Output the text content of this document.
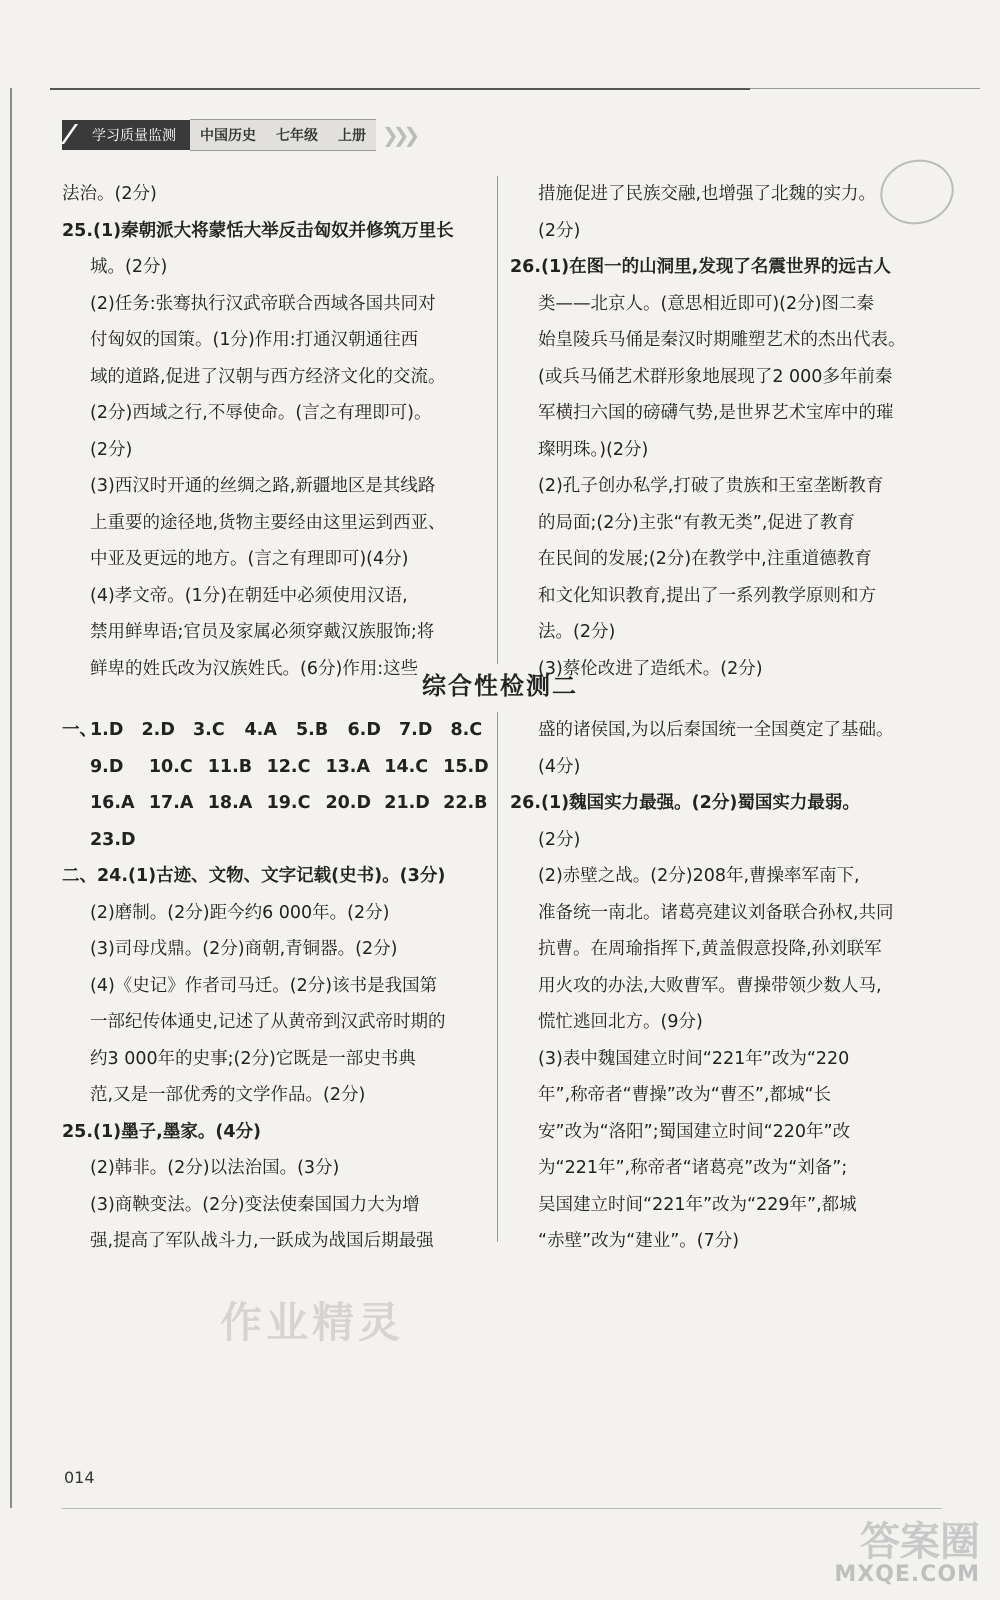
学习质量监测	中国历史 七年级 上册 ❯❯❯

法治。(2分)

25.(1)秦朝派大将蒙恬大举反击匈奴并修筑万里长

城。(2分)

(2)任务:张骞执行汉武帝联合西域各国共同对

付匈奴的国策。(1分)作用:打通汉朝通往西

域的道路,促进了汉朝与西方经济文化的交流。

(2分)西域之行,不辱使命。(言之有理即可)。

(2分)

(3)西汉时开通的丝绸之路,新疆地区是其线路

上重要的途径地,货物主要经由这里运到西亚、

中亚及更远的地方。(言之有理即可)(4分)

(4)孝文帝。(1分)在朝廷中必须使用汉语,

禁用鲜卑语;官员及家属必须穿戴汉族服饰;将

鲜卑的姓氏改为汉族姓氏。(6分)作用:这些

措施促进了民族交融,也增强了北魏的实力。

(2分)

26.(1)在图一的山洞里,发现了名震世界的远古人

类——北京人。(意思相近即可)(2分)图二秦

始皇陵兵马俑是秦汉时期雕塑艺术的杰出代表。

(或兵马俑艺术群形象地展现了2 000多年前秦

军横扫六国的磅礴气势,是世界艺术宝库中的璀

璨明珠。)(2分)

(2)孔子创办私学,打破了贵族和王室垄断教育

的局面;(2分)主张“有教无类”,促进了教育

在民间的发展;(2分)在教学中,注重道德教育

和文化知识教育,提出了一系列教学原则和方

法。(2分)

(3)蔡伦改进了造纸术。(2分)

综合性检测二
一、
1.D	2.D	3.C	4.A	5.B	6.D	7.D	8.C
9.D	10.C 11.B 12.C 13.A 14.C 15.D
16.A 17.A 18.A 19.C 20.D 21.D 22.B
23.D

二、24.(1)古迹、文物、文字记载(史书)。(3分)

(2)磨制。(2分)距今约6 000年。(2分)

(3)司母戊鼎。(2分)商朝,青铜器。(2分)

(4)《史记》作者司马迁。(2分)该书是我国第

一部纪传体通史,记述了从黄帝到汉武帝时期的

约3 000年的史事;(2分)它既是一部史书典

范,又是一部优秀的文学作品。(2分)

25.(1)墨子,墨家。(4分)

(2)韩非。(2分)以法治国。(3分)

(3)商鞅变法。(2分)变法使秦国国力大为增

强,提高了军队战斗力,一跃成为战国后期最强

盛的诸侯国,为以后秦国统一全国奠定了基础。

(4分)

26.(1)魏国实力最强。(2分)蜀国实力最弱。

(2分)

(2)赤壁之战。(2分)208年,曹操率军南下,

准备统一南北。诸葛亮建议刘备联合孙权,共同

抗曹。在周瑜指挥下,黄盖假意投降,孙刘联军

用火攻的办法,大败曹军。曹操带领少数人马,

慌忙逃回北方。(9分)

(3)表中魏国建立时间“221年”改为“220

年”,称帝者“曹操”改为“曹丕”,都城“长

安”改为“洛阳”;蜀国建立时间“220年”改

为“221年”,称帝者“诸葛亮”改为“刘备”;

吴国建立时间“221年”改为“229年”,都城

“赤壁”改为“建业”。(7分)

作业精灵
014
答案圈
MXQE.COM
